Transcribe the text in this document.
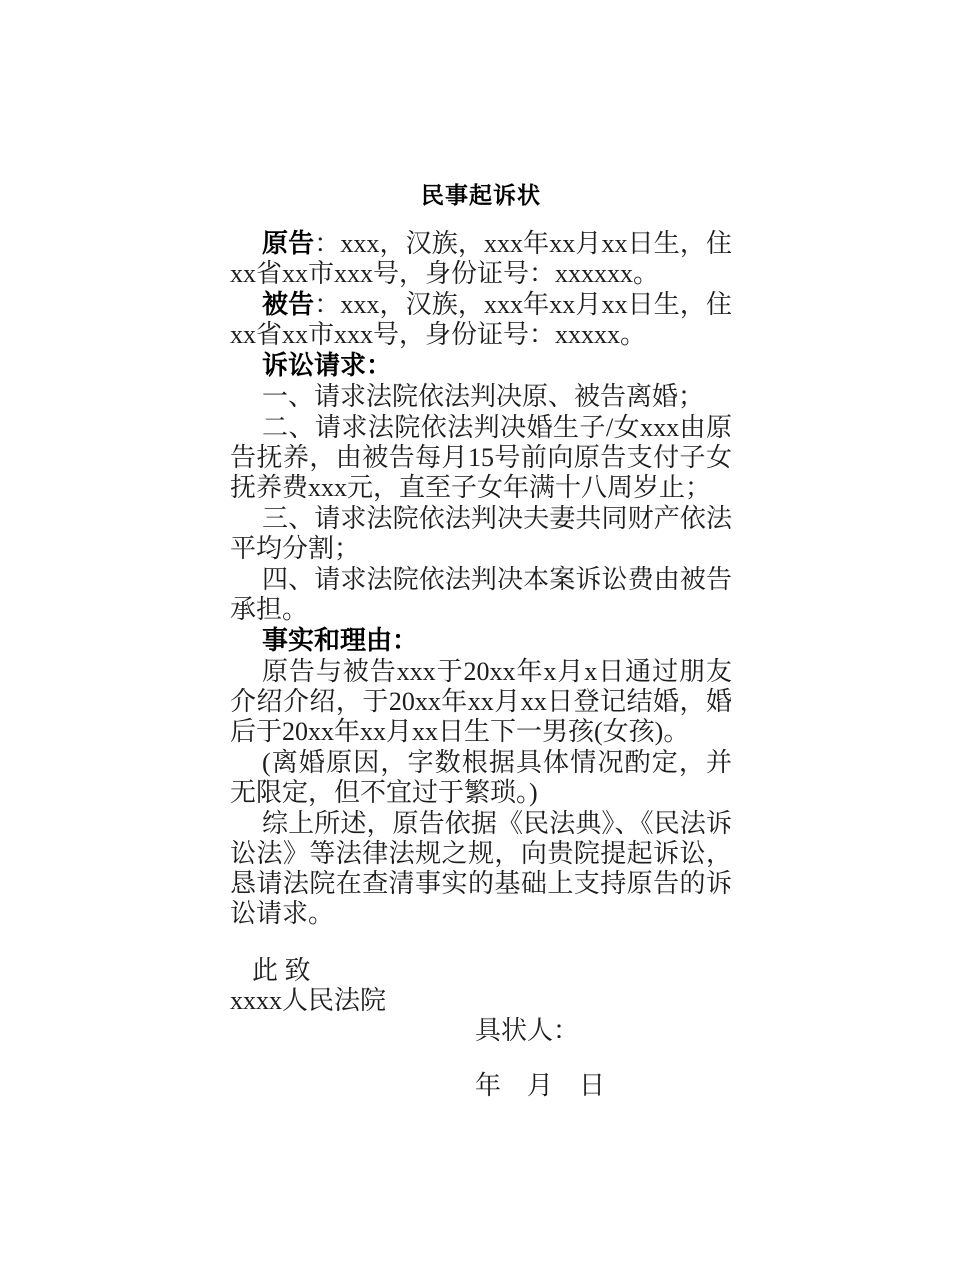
民事起诉状

原告：xxx，汉族，xxx年xx月xx日生，住xx省xx市xxx号，身份证号：xxxxxx。

被告：xxx，汉族，xxx年xx月xx日生，住xx省xx市xxx号，身份证号：xxxxx。

诉讼请求：

一、请求法院依法判决原、被告离婚；

二、请求法院依法判决婚生子/女xxx由原告抚养，由被告每月15号前向原告支付子女抚养费xxx元，直至子女年满十八周岁止；

三、请求法院依法判决夫妻共同财产依法平均分割；

四、请求法院依法判决本案诉讼费由被告承担。

事实和理由：

原告与被告xxx于20xx年x月x日通过朋友介绍介绍，于20xx年xx月xx日登记结婚，婚后于20xx年xx月xx日生下一男孩(女孩)。

(离婚原因，字数根据具体情况酌定，并无限定，但不宜过于繁琐。)

综上所述，原告依据《民法典》、《民法诉讼法》等法律法规之规，向贵院提起诉讼，恳请法院在查清事实的基础上支持原告的诉讼请求。

此 致

xxxx人民法院

具状人：

年　月　日
